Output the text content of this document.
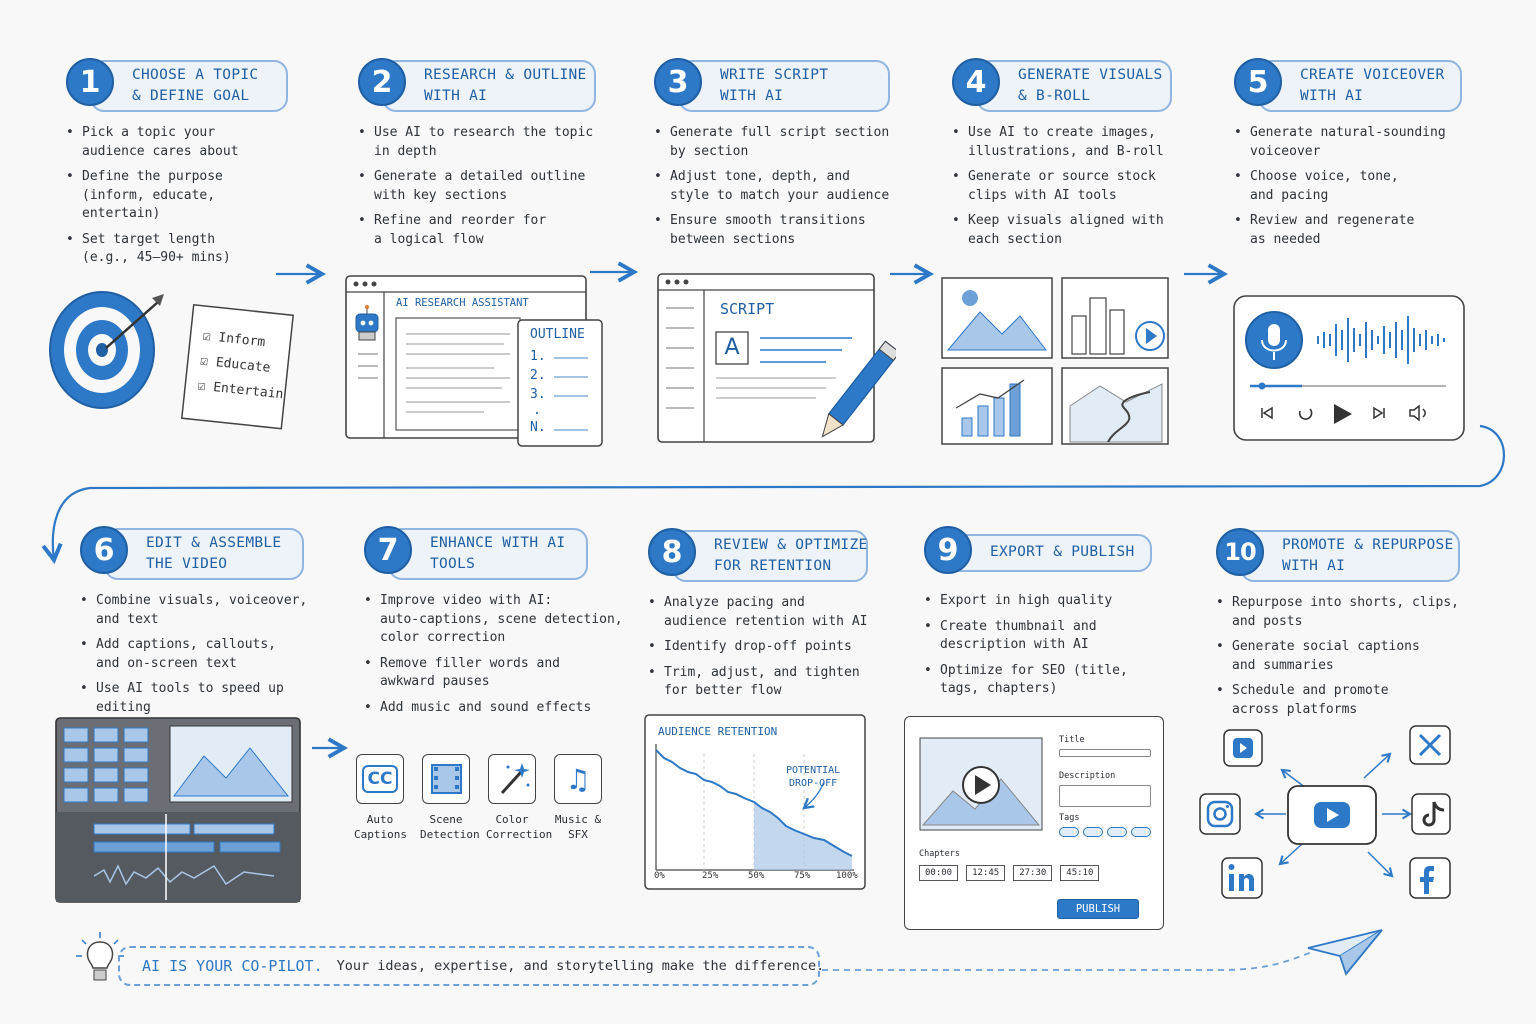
1	CHOOSE A TOPIC
& DEFINE GOAL
• Pick a topic your
audience cares about
• Define the purpose
(inform, educate,
entertain)
• Set target length
(e.g., 45–90+ mins)
2	RESEARCH & OUTLINE
WITH AI
• Use AI to research the topic
in depth
• Generate a detailed outline
with key sections
• Refine and reorder for
a logical flow
3	WRITE SCRIPT
WITH AI
• Generate full script section
by section
• Adjust tone, depth, and
style to match your audience
• Ensure smooth transitions
between sections
4	GENERATE VISUALS
& B-ROLL
• Use AI to create images,
illustrations, and B-roll
• Generate or source stock
clips with AI tools
• Keep visuals aligned with
each section
5	CREATE VOICEOVER
WITH AI
• Generate natural-sounding
voiceover
• Choose voice, tone,
and pacing
• Review and regenerate
as needed
☑ Inform
☑ Educate
☑ Entertain
AI RESEARCH ASSISTANT
OUTLINE
1.
2.
3.
.
N.
SCRIPT
A
6	EDIT & ASSEMBLE
THE VIDEO
• Combine visuals, voiceover,
and text
• Add captions, callouts,
and on-screen text
• Use AI tools to speed up
editing
7	ENHANCE WITH AI
TOOLS
• Improve video with AI:
auto-captions, scene detection,
color correction
• Remove filler words and
awkward pauses
• Add music and sound effects
8	REVIEW & OPTIMIZE
FOR RETENTION
• Analyze pacing and
audience retention with AI
• Identify drop-off points
• Trim, adjust, and tighten
for better flow
9	EXPORT & PUBLISH
• Export in high quality
• Create thumbnail and
description with AI
• Optimize for SEO (title,
tags, chapters)
10	PROMOTE & REPURPOSE
WITH AI
• Repurpose into shorts, clips,
and posts
• Generate social captions
and summaries
• Schedule and promote
across platforms
CC
Auto
Captions
Scene
Detection
Color
Correction
♫
Music &
SFX
AUDIENCE RETENTION
POTENTIAL
DROP-OFF
0%	25%	50%	75%	100%
Title
Description
Tags
Chapters
00:00	12:45	27:30	45:10
PUBLISH
AI IS YOUR CO-PILOT. Your ideas, expertise, and storytelling make the difference.
